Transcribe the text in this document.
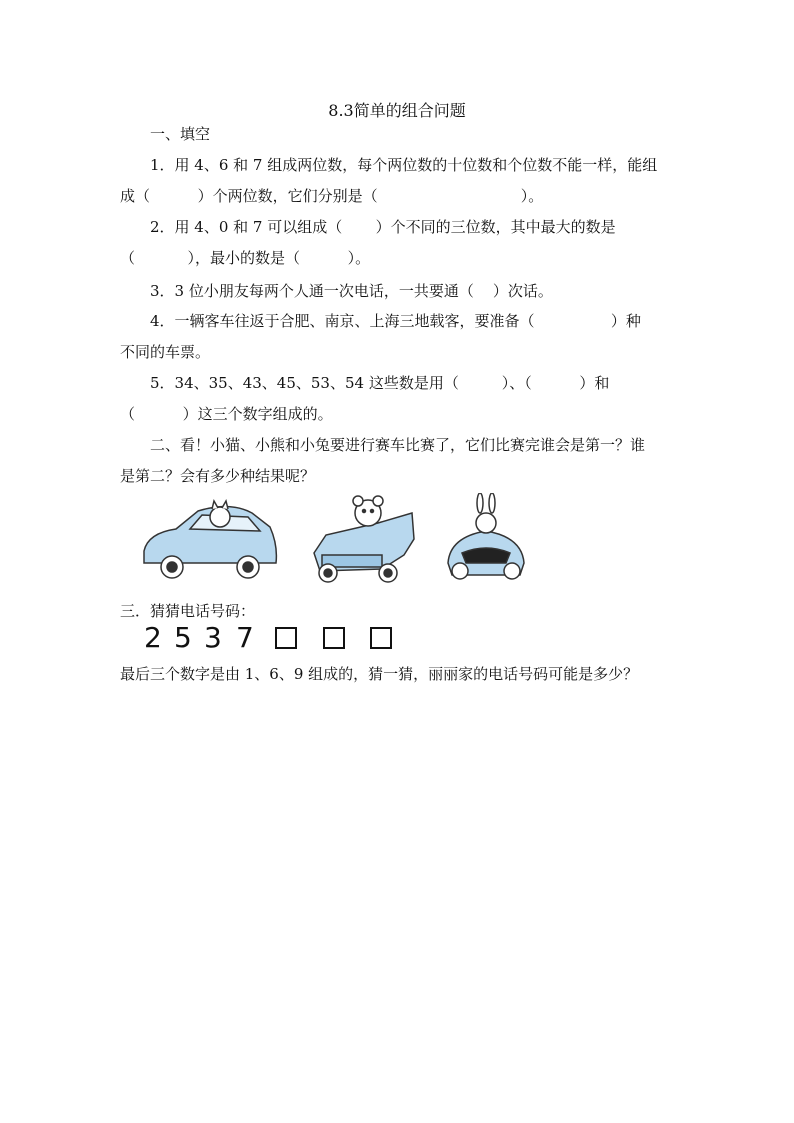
8.3简单的组合问题
一、填空
1．用 4、6 和 7 组成两位数，每个两位数的十位数和个位数不能一样，能组
成（          ）个两位数，它们分别是（                              ）。
2．用 4、0 和 7 可以组成（       ）个不同的三位数，其中最大的数是
（           ），最小的数是（          ）。
3．3 位小朋友每两个人通一次电话，一共要通（    ）次话。
4．一辆客车往返于合肥、南京、上海三地载客，要准备（                ）种
不同的车票。
5．34、35、43、45、53、54 这些数是用（         ）、（          ）和
（          ）这三个数字组成的。
二、看！小猫、小熊和小兔要进行赛车比赛了，它们比赛完谁会是第一？谁
是第二？会有多少种结果呢？
三．猜猜电话号码：
2 5 3 7
最后三个数字是由 1、6、9 组成的，猜一猜，丽丽家的电话号码可能是多少？
